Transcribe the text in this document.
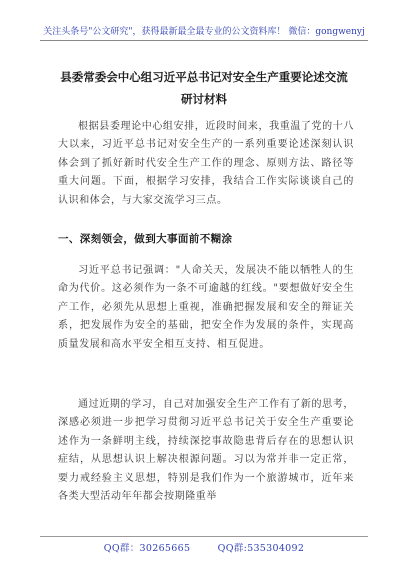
关注头条号"公文研究"，获得最新最全最专业的公文资料库！ 微信：gongwenyj
县委常委会中心组习近平总书记对安全生产重要论述交流
研讨材料
根据县委理论中心组安排，近段时间来，我重温了党的十八大以来，习近平总书记对安全生产的一系列重要论述深刻认识体会到了抓好新时代安全生产工作的理念、原则方法、路径等重大问题。下面，根据学习安排，我结合工作实际谈谈自己的认识和体会，与大家交流学习三点。
一、深刻领会，做到大事面前不糊涂
习近平总书记强调："人命关天，发展决不能以牺牲人的生命为代价。这必须作为一条不可逾越的红线。"要想做好安全生产工作，必须先从思想上重视，准确把握发展和安全的辩证关系，把发展作为安全的基础，把安全作为发展的条件，实现高质量发展和高水平安全相互支持、相互促进。
通过近期的学习，自己对加强安全生产工作有了新的思考，深感必须进一步把学习贯彻习近平总书记关于安全生产重要论述作为一条鲜明主线，持续深挖事故隐患背后存在的思想认识症结，从思想认识上解决根源问题。习以为常并非一定正常，要力戒经验主义思想，特别是我们作为一个旅游城市，近年来各类大型活动年年都会按期隆重举
QQ群：30265665	QQ群:535304092
